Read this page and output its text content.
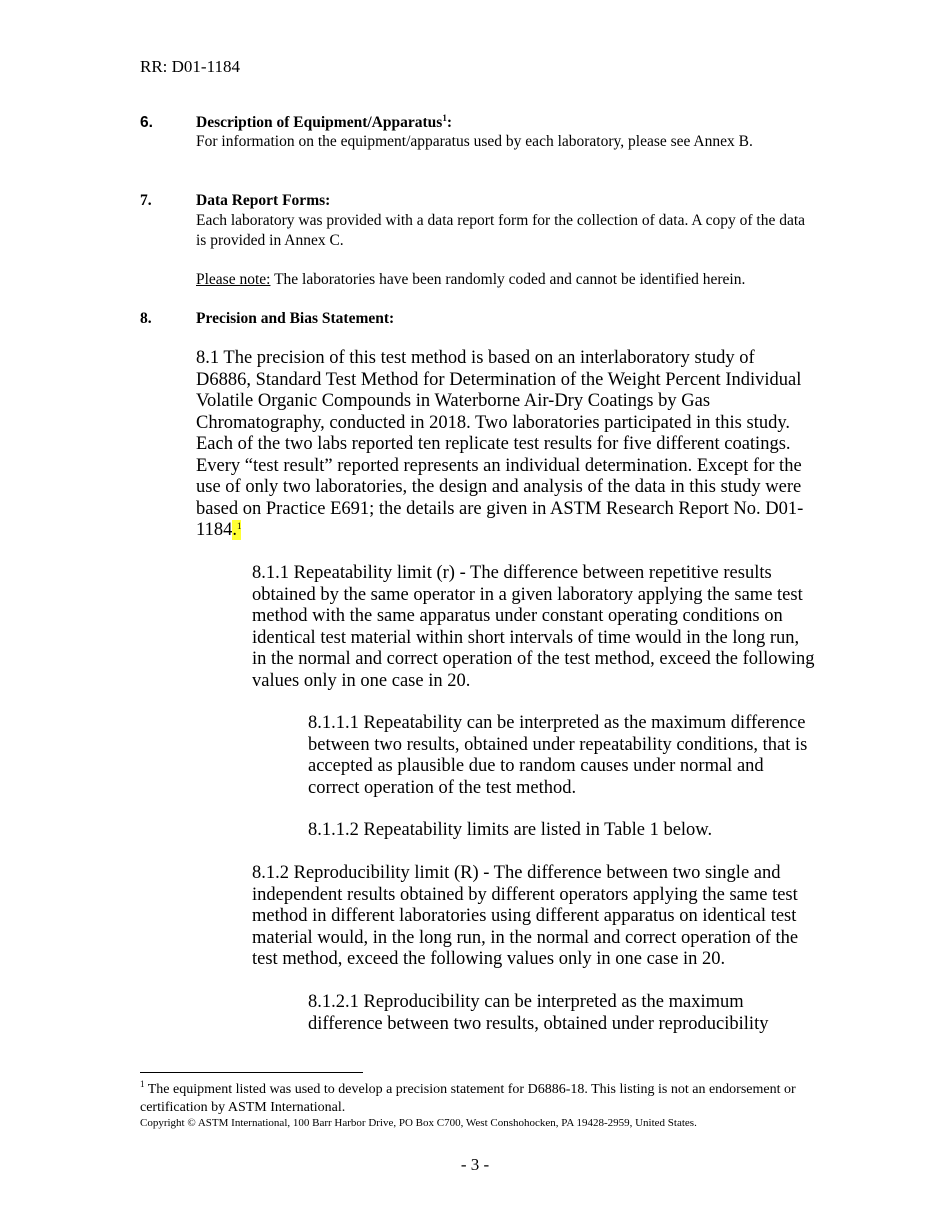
RR: D01-1184
6.	Description of Equipment/Apparatus$^1$:
For information on the equipment/apparatus used by each laboratory, please see Annex B.
7.	Data Report Forms:
Each laboratory was provided with a data report form for the collection of data. A copy of the data is provided in Annex C.
Please note: The laboratories have been randomly coded and cannot be identified herein.
8.	Precision and Bias Statement:
8.1 The precision of this test method is based on an interlaboratory study of D6886, Standard Test Method for Determination of the Weight Percent Individual Volatile Organic Compounds in Waterborne Air-Dry Coatings by Gas Chromatography, conducted in 2018. Two laboratories participated in this study. Each of the two labs reported ten replicate test results for five different coatings. Every “test result” reported represents an individual determination. Except for the use of only two laboratories, the design and analysis of the data in this study were based on Practice E691; the details are given in ASTM Research Report No. D01-1184.$^1$
8.1.1 Repeatability limit (r) - The difference between repetitive results obtained by the same operator in a given laboratory applying the same test method with the same apparatus under constant operating conditions on identical test material within short intervals of time would in the long run, in the normal and correct operation of the test method, exceed the following values only in one case in 20.
8.1.1.1 Repeatability can be interpreted as the maximum difference between two results, obtained under repeatability conditions, that is accepted as plausible due to random causes under normal and correct operation of the test method.
8.1.1.2 Repeatability limits are listed in Table 1 below.
8.1.2 Reproducibility limit (R) - The difference between two single and independent results obtained by different operators applying the same test method in different laboratories using different apparatus on identical test material would, in the long run, in the normal and correct operation of the test method, exceed the following values only in one case in 20.
8.1.2.1 Reproducibility can be interpreted as the maximum difference between two results, obtained under reproducibility
$^1$ The equipment listed was used to develop a precision statement for D6886-18. This listing is not an endorsement or certification by ASTM International.
Copyright © ASTM International, 100 Barr Harbor Drive, PO Box C700, West Conshohocken, PA 19428-2959, United States.
- 3 -
